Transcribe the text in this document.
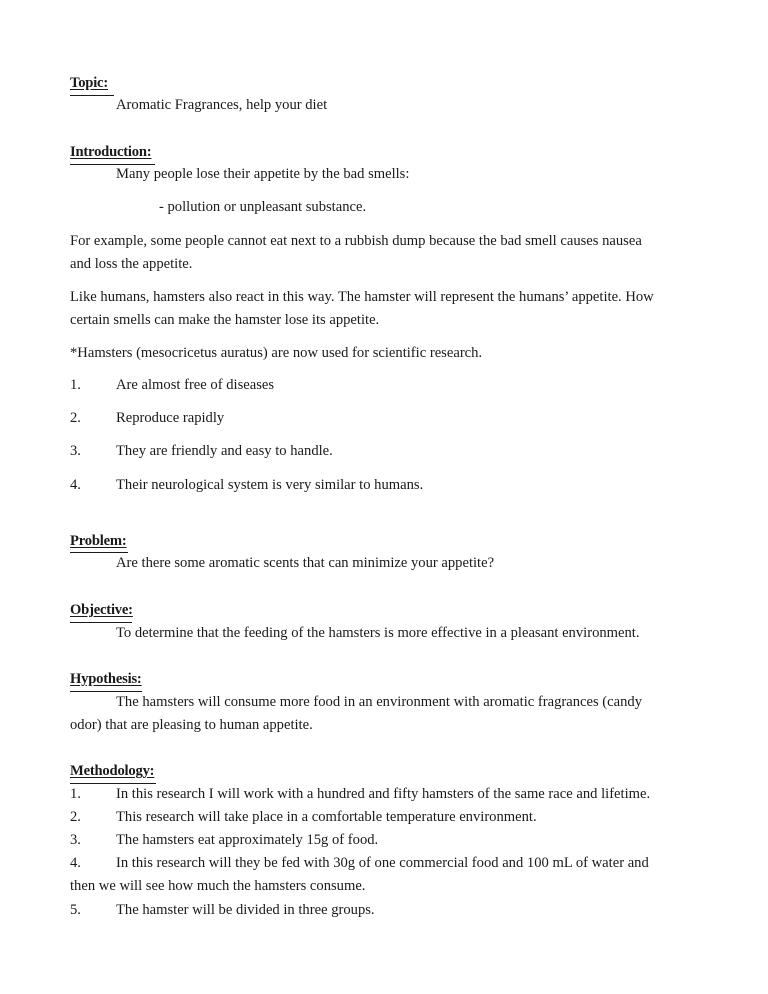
Topic:
Aromatic Fragrances, help your diet
Introduction:
Many people lose their appetite by the bad smells:
- pollution or unpleasant substance.
For example, some people cannot eat next to a rubbish dump because the bad smell causes nausea
and loss the appetite.
Like humans, hamsters also react in this way. The hamster will represent the humans’ appetite. How
certain smells can make the hamster lose its appetite.
*Hamsters (mesocricetus auratus) are now used for scientific research.
1. Are almost free of diseases
2. Reproduce rapidly
3. They are friendly and easy to handle.
4. Their neurological system is very similar to humans.
Problem:
Are there some aromatic scents that can minimize your appetite?
Objective:
To determine that the feeding of the hamsters is more effective in a pleasant environment.
Hypothesis:
The hamsters will consume more food in an environment with aromatic fragrances (candy
odor) that are pleasing to human appetite.
Methodology:
1. In this research I will work with a hundred and fifty hamsters of the same race and lifetime.
2. This research will take place in a comfortable temperature environment.
3. The hamsters eat approximately 15g of food.
4. In this research will they be fed with 30g of one commercial food and 100 mL of water and
then we will see how much the hamsters consume.
5. The hamster will be divided in three groups.
